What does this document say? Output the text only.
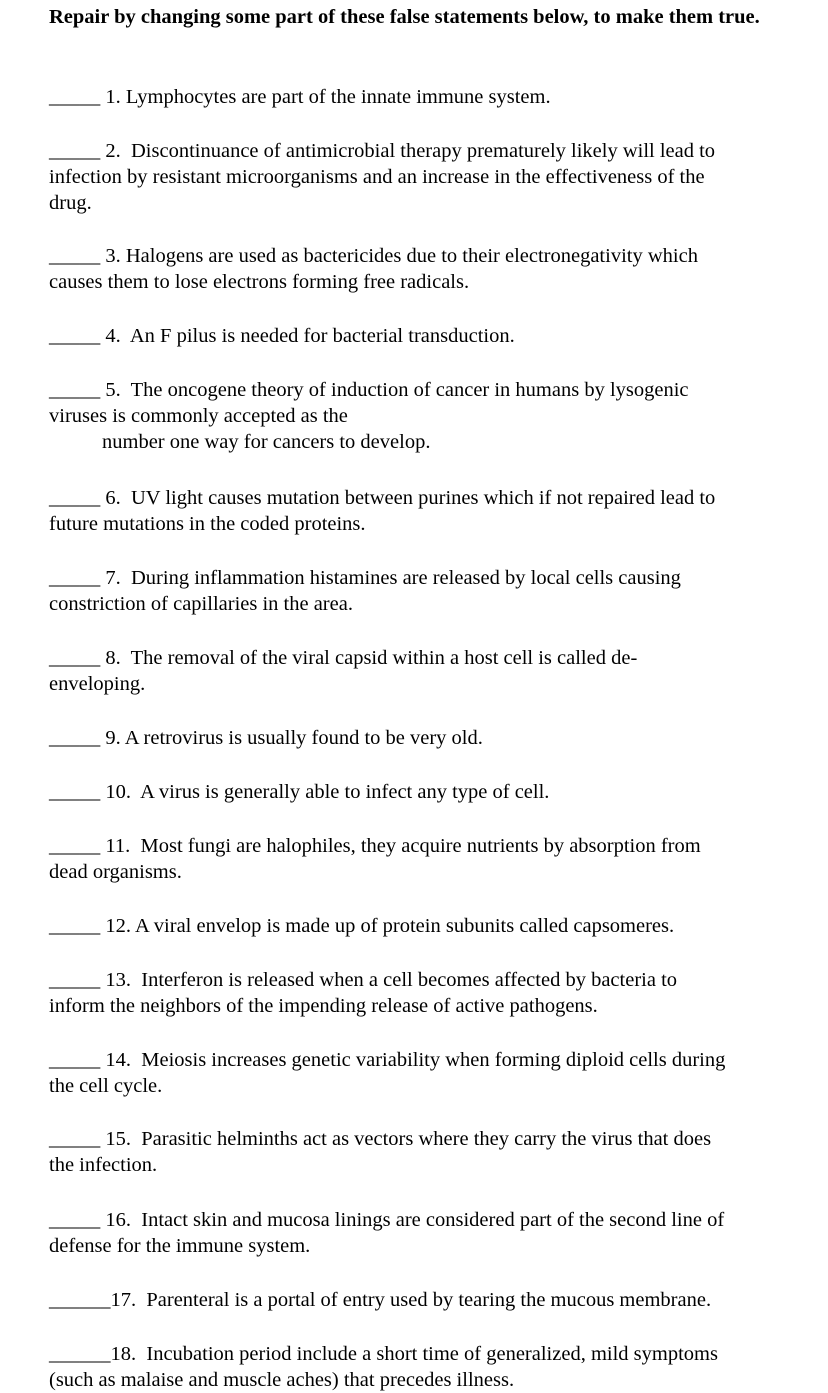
Repair by changing some part of these false statements below, to make them true.

_____ 1. Lymphocytes are part of the innate immune system.

_____ 2. Discontinuance of antimicrobial therapy prematurely likely will lead to
infection by resistant microorganisms and an increase in the effectiveness of the
drug.

_____ 3. Halogens are used as bactericides due to their electronegativity which
causes them to lose electrons forming free radicals.

_____ 4. An F pilus is needed for bacterial transduction.

_____ 5. The oncogene theory of induction of cancer in humans by lysogenic
viruses is commonly accepted as the
number one way for cancers to develop.

_____ 6. UV light causes mutation between purines which if not repaired lead to
future mutations in the coded proteins.

_____ 7. During inflammation histamines are released by local cells causing
constriction of capillaries in the area.

_____ 8. The removal of the viral capsid within a host cell is called de-
enveloping.

_____ 9. A retrovirus is usually found to be very old.

_____ 10. A virus is generally able to infect any type of cell.

_____ 11. Most fungi are halophiles, they acquire nutrients by absorption from
dead organisms.

_____ 12. A viral envelop is made up of protein subunits called capsomeres.

_____ 13. Interferon is released when a cell becomes affected by bacteria to
inform the neighbors of the impending release of active pathogens.

_____ 14. Meiosis increases genetic variability when forming diploid cells during
the cell cycle.

_____ 15. Parasitic helminths act as vectors where they carry the virus that does
the infection.

_____ 16. Intact skin and mucosa linings are considered part of the second line of
defense for the immune system.

______17. Parenteral is a portal of entry used by tearing the mucous membrane.

______18. Incubation period include a short time of generalized, mild symptoms
(such as malaise and muscle aches) that precedes illness.
